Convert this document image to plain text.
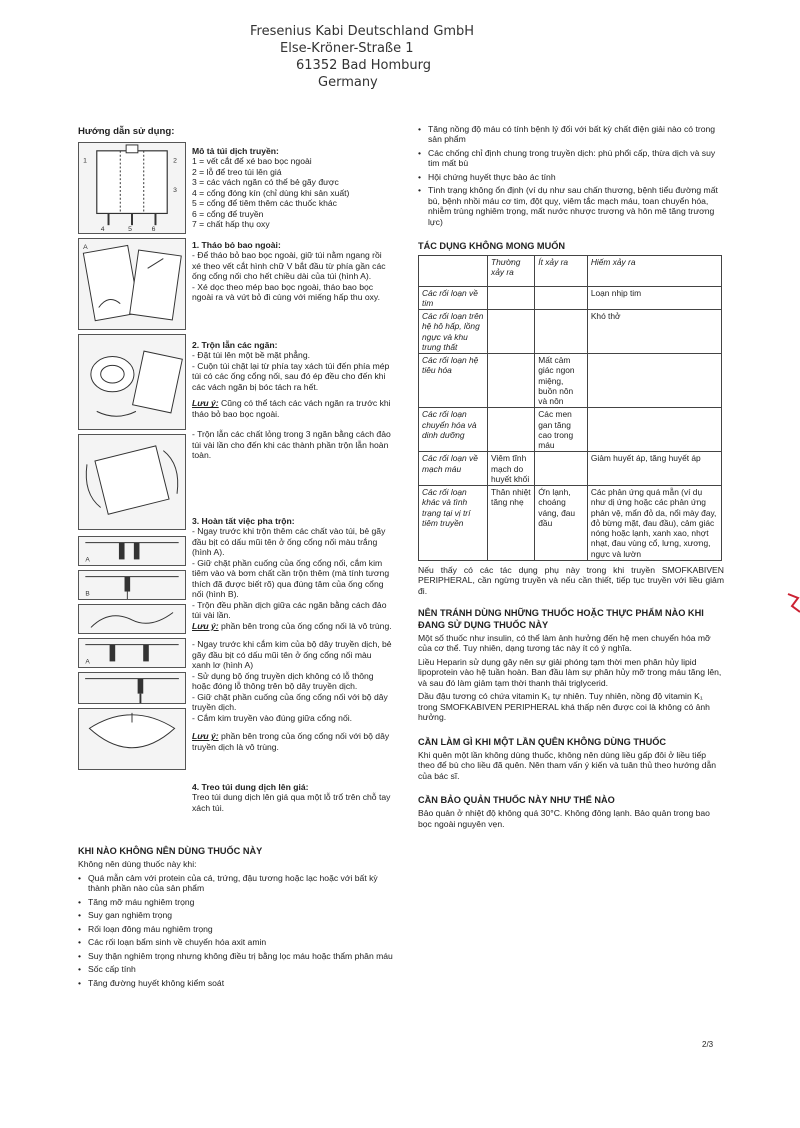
Fresenius Kabi Deutschland GmbH
Else-Kröner-Straße 1
61352 Bad Homburg
Germany
Hướng dẫn sử dụng:
1	2
3
4	5	6
A
A
B
A

Mô tả túi dịch truyền:

1 = vết cắt để xé bao bọc ngoài

2 = lỗ để treo túi lên giá

3 = các vách ngăn có thể bẻ gãy được

4 = cổng đóng kín (chỉ dùng khi sản xuất)

5 = cổng để tiêm thêm các thuốc khác

6 = cổng để truyền

7 = chất hấp thụ oxy

1. Tháo bỏ bao ngoài:

- Để tháo bỏ bao bọc ngoài, giữ túi nằm ngang rồi xé theo vết cắt hình chữ V bắt đầu từ phía gần các ống cổng nối cho hết chiều dài của túi (hình A).

- Xé dọc theo mép bao bọc ngoài, tháo bao bọc ngoài ra và vứt bỏ đi cùng với miếng hấp thu oxy.

2. Trộn lẫn các ngăn:

- Đặt túi lên một bề mặt phẳng.

- Cuộn túi chặt lại từ phía tay xách túi đến phía mép túi có các ống cổng nối, sau đó ép đều cho đến khi các vách ngăn bị bóc tách ra hết.

Lưu ý: Cũng có thể tách các vách ngăn ra trước khi tháo bỏ bao bọc ngoài.

- Trộn lẫn các chất lỏng trong 3 ngăn bằng cách đảo túi vài lần cho đến khi các thành phần trộn lẫn hoàn toàn.

3. Hoàn tất việc pha trộn:

- Ngay trước khi trộn thêm các chất vào túi, bẻ gãy đầu bịt có dấu mũi tên ở ống cổng nối màu trắng (hình A).

- Giữ chặt phần cuống của ống cổng nối, cắm kim tiêm vào và bơm chất cần trộn thêm (mà tính tương thích đã được biết rõ) qua đúng tâm của ống cổng nối (hình B).

- Trộn đều phần dịch giữa các ngăn bằng cách đảo túi vài lần.

Lưu ý: phần bên trong của ống cổng nối là vô trùng.

- Ngay trước khi cắm kim của bộ dây truyền dịch, bẻ gãy đầu bịt có dấu mũi tên ở ống cổng nối màu xanh lơ (hình A)

- Sử dụng bộ ống truyền dịch không có lỗ thông hoặc đóng lỗ thông trên bộ dây truyền dịch.

- Giữ chặt phần cuống của ống cổng nối với bộ dây truyền dịch.

- Cắm kim truyền vào đúng giữa cổng nối.

Lưu ý: phần bên trong của ống cổng nối với bộ dây truyền dịch là vô trùng.

4. Treo túi dung dịch lên giá:

Treo túi dung dịch lên giá qua một lỗ trổ trên chỗ tay xách túi.

KHI NÀO KHÔNG NÊN DÙNG THUỐC NÀY

Không nên dùng thuốc này khi:

• Quá mẫn cảm với protein của cá, trứng, đậu tương hoặc lạc hoặc với bất kỳ thành phần nào của sản phẩm
• Tăng mỡ máu nghiêm trọng
• Suy gan nghiêm trọng
• Rối loạn đông máu nghiêm trọng
• Các rối loạn bẩm sinh về chuyển hóa axit amin
• Suy thận nghiêm trọng nhưng không điều trị bằng lọc máu hoặc thẩm phân máu
• Sốc cấp tính
• Tăng đường huyết không kiểm soát
• Tăng nồng độ máu có tính bệnh lý đối với bất kỳ chất điện giải nào có trong sản phẩm
• Các chống chỉ định chung trong truyền dịch: phù phổi cấp, thừa dịch và suy tim mất bù
• Hội chứng huyết thực bào ác tính
• Tình trạng không ổn định (ví dụ như sau chấn thương, bệnh tiểu đường mất bù, bệnh nhồi máu cơ tim, đột quỵ, viêm tắc mạch máu, toan chuyển hóa, nhiễm trùng nghiêm trọng, mất nước nhược trương và hôn mê tăng trương lực)
TÁC DỤNG KHÔNG MONG MUỐN
	Thường xảy ra	Ít xảy ra	Hiếm xảy ra
Các rối loạn về tim			Loạn nhịp tim
Các rối loạn trên hệ hô hấp, lồng ngực và khu trung thất			Khó thở
Các rối loạn hệ tiêu hóa		Mất cảm giác ngon miệng, buồn nôn và nôn	
Các rối loạn chuyển hóa và dinh dưỡng		Các men gan tăng cao trong máu	
Các rối loạn về mạch máu	Viêm tĩnh mạch do huyết khối		Giảm huyết áp, tăng huyết áp
Các rối loạn khác và tình trạng tại vị trí tiêm truyền	Thân nhiệt tăng nhẹ	Ớn lạnh, choáng váng, đau đầu	Các phản ứng quá mẫn (ví dụ như dị ứng hoặc các phản ứng phản vệ, mẩn đỏ da, nổi mày đay, đỏ bừng mặt, đau đầu), cảm giác nóng hoặc lạnh, xanh xao, nhợt nhạt, đau vùng cổ, lưng, xương, ngực và lườn

Nếu thấy có các tác dụng phụ này trong khi truyền SMOFKABIVEN PERIPHERAL, cần ngừng truyền và nếu cần thiết, tiếp tục truyền với liều giảm đi.

NÊN TRÁNH DÙNG NHỮNG THUỐC HOẶC THỰC PHẨM NÀO KHI ĐANG SỬ DỤNG THUỐC NÀY

Một số thuốc như insulin, có thể làm ảnh hưởng đến hệ men chuyển hóa mỡ của cơ thể. Tuy nhiên, dạng tương tác này ít có ý nghĩa.

Liều Heparin sử dụng gây nên sự giải phóng tạm thời men phân hủy lipid lipoprotein vào hệ tuần hoàn. Ban đầu làm sự phân hủy mỡ trong máu tăng lên, và sau đó làm giảm tạm thời thanh thải triglycerid.

Dầu đậu tương có chứa vitamin K₁ tự nhiên. Tuy nhiên, nồng độ vitamin K₁ trong SMOFKABIVEN PERIPHERAL khá thấp nên được coi là không có ảnh hưởng.

CẦN LÀM GÌ KHI MỘT LẦN QUÊN KHÔNG DÙNG THUỐC

Khi quên một lần không dùng thuốc, không nên dùng liều gấp đôi ở liều tiếp theo để bù cho liều đã quên. Nên tham vấn ý kiến và tuân thủ theo hướng dẫn của bác sĩ.

CẦN BẢO QUẢN THUỐC NÀY NHƯ THẾ NÀO

Bảo quản ở nhiệt độ không quá 30°C. Không đông lạnh. Bảo quản trong bao bọc ngoài nguyên vẹn.

2/3
